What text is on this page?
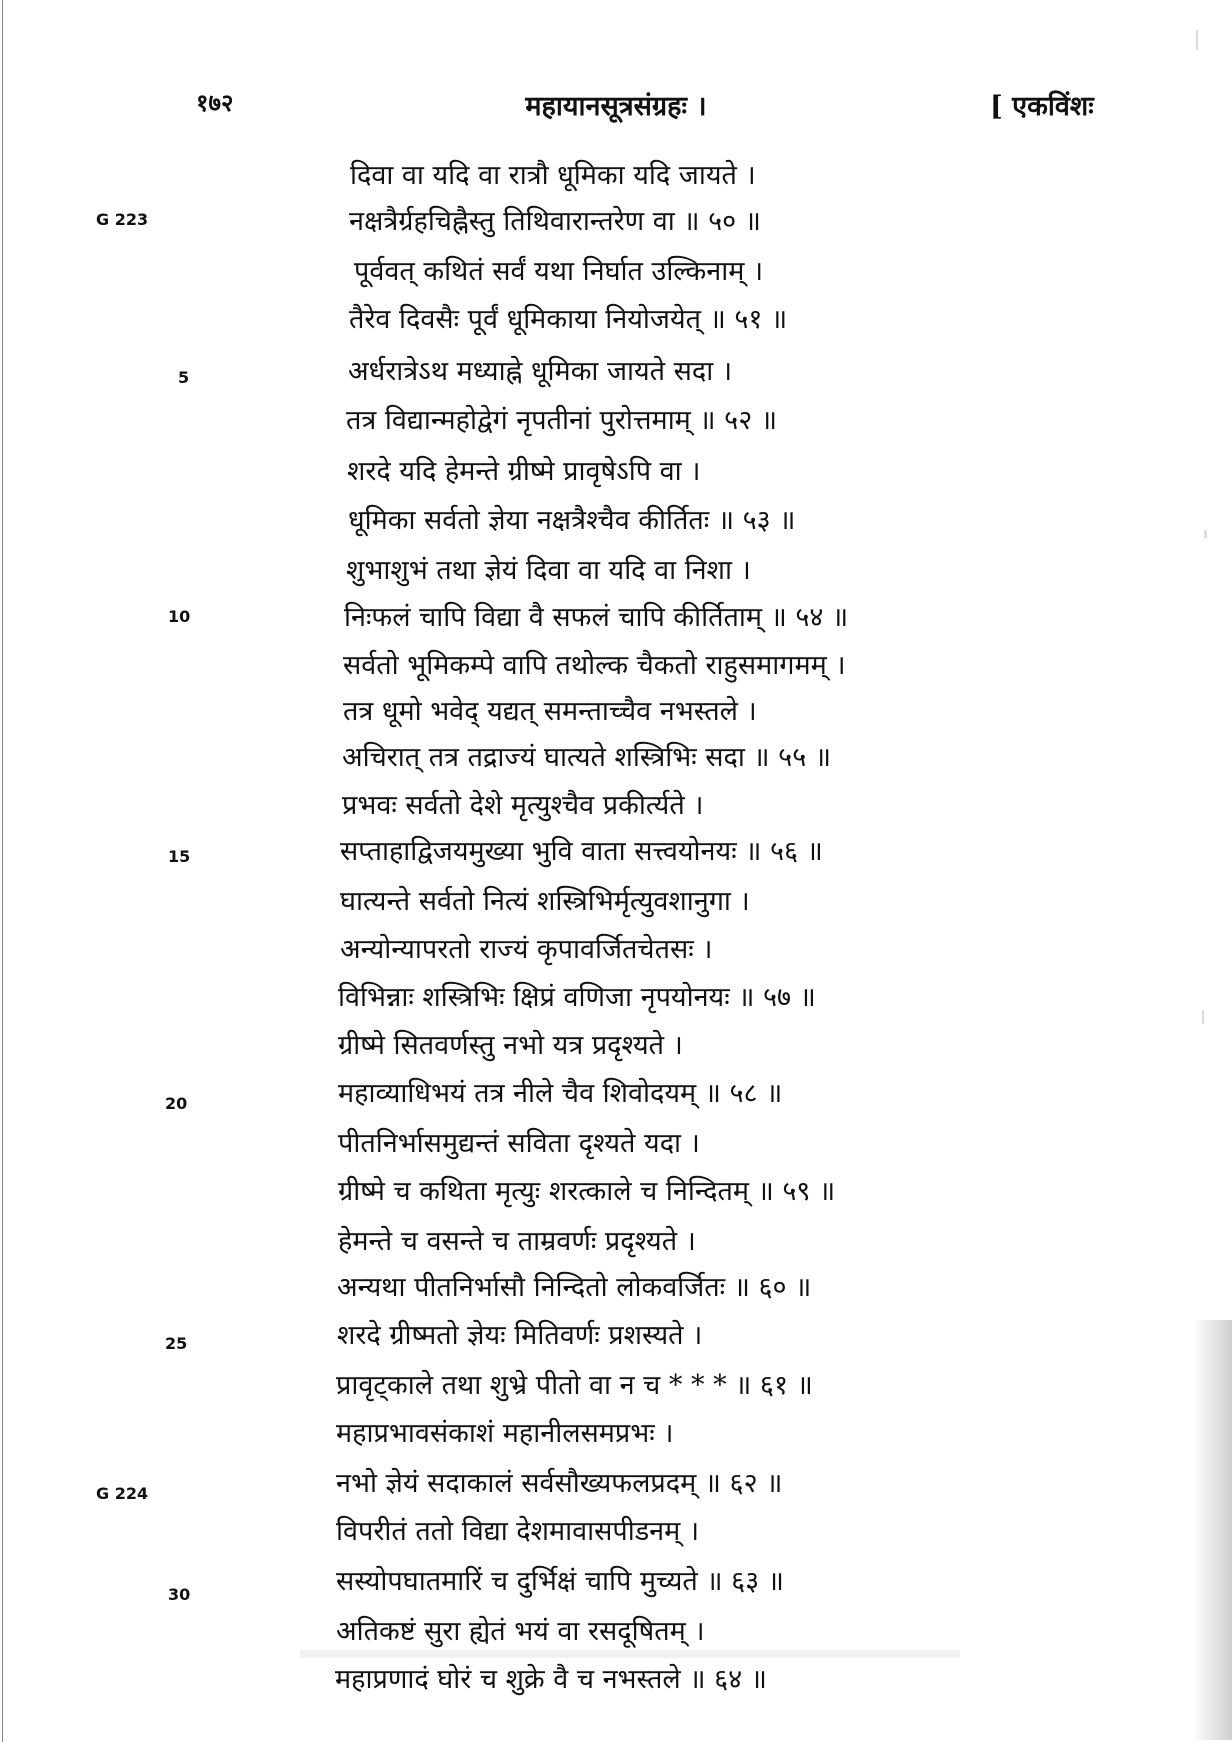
१७२	महायानसूत्रसंग्रहः ।	[ एकविंशः
G 223
5
10
15
20
25
G 224
30
दिवा वा यदि वा रात्रौ धूमिका यदि जायते ।
नक्षत्रैर्ग्रहचिह्नैस्तु तिथिवारान्तरेण वा ॥ ५० ॥
पूर्ववत् कथितं सर्वं यथा निर्घात उल्किनाम् ।
तैरेव दिवसैः पूर्वं धूमिकाया नियोजयेत् ॥ ५१ ॥
अर्धरात्रेऽथ मध्याह्ने धूमिका जायते सदा ।
तत्र विद्यान्महोद्वेगं नृपतीनां पुरोत्तमाम् ॥ ५२ ॥
शरदे यदि हेमन्ते ग्रीष्मे प्रावृषेऽपि वा ।
धूमिका सर्वतो ज्ञेया नक्षत्रैश्चैव कीर्तितः ॥ ५३ ॥
शुभाशुभं तथा ज्ञेयं दिवा वा यदि वा निशा ।
निःफलं चापि विद्या वै सफलं चापि कीर्तिताम् ॥ ५४ ॥
सर्वतो भूमिकम्पे वापि तथोल्क चैकतो राहुसमागमम् ।
तत्र धूमो भवेद् यद्यत् समन्ताच्चैव नभस्तले ।
अचिरात् तत्र तद्राज्यं घात्यते शस्त्रिभिः सदा ॥ ५५ ॥
प्रभवः सर्वतो देशे मृत्युश्चैव प्रकीर्त्यते ।
सप्ताहाद्विजयमुख्या भुवि वाता सत्त्वयोनयः ॥ ५६ ॥
घात्यन्ते सर्वतो नित्यं शस्त्रिभिर्मृत्युवशानुगा ।
अन्योन्यापरतो राज्यं कृपावर्जितचेतसः ।
विभिन्नाः शस्त्रिभिः क्षिप्रं वणिजा नृपयोनयः ॥ ५७ ॥
ग्रीष्मे सितवर्णस्तु नभो यत्र प्रदृश्यते ।
महाव्याधिभयं तत्र नीले चैव शिवोदयम् ॥ ५८ ॥
पीतनिर्भासमुद्यन्तं सविता दृश्यते यदा ।
ग्रीष्मे च कथिता मृत्युः शरत्काले च निन्दितम् ॥ ५९ ॥
हेमन्ते च वसन्ते च ताम्रवर्णः प्रदृश्यते ।
अन्यथा पीतनिर्भासौ निन्दितो लोकवर्जितः ॥ ६० ॥
शरदे ग्रीष्मतो ज्ञेयः मितिवर्णः प्रशस्यते ।
प्रावृट्काले तथा शुभ्रे पीतो वा न च * * * ॥ ६१ ॥
महाप्रभावसंकाशं महानीलसमप्रभः ।
नभो ज्ञेयं सदाकालं सर्वसौख्यफलप्रदम् ॥ ६२ ॥
विपरीतं ततो विद्या देशमावासपीडनम् ।
सस्योपघातमारिं च दुर्भिक्षं चापि मुच्यते ॥ ६३ ॥
अतिकष्टं सुरा ह्येतं भयं वा रसदूषितम् ।
महाप्रणादं घोरं च शुक्रे वै च नभस्तले ॥ ६४ ॥
